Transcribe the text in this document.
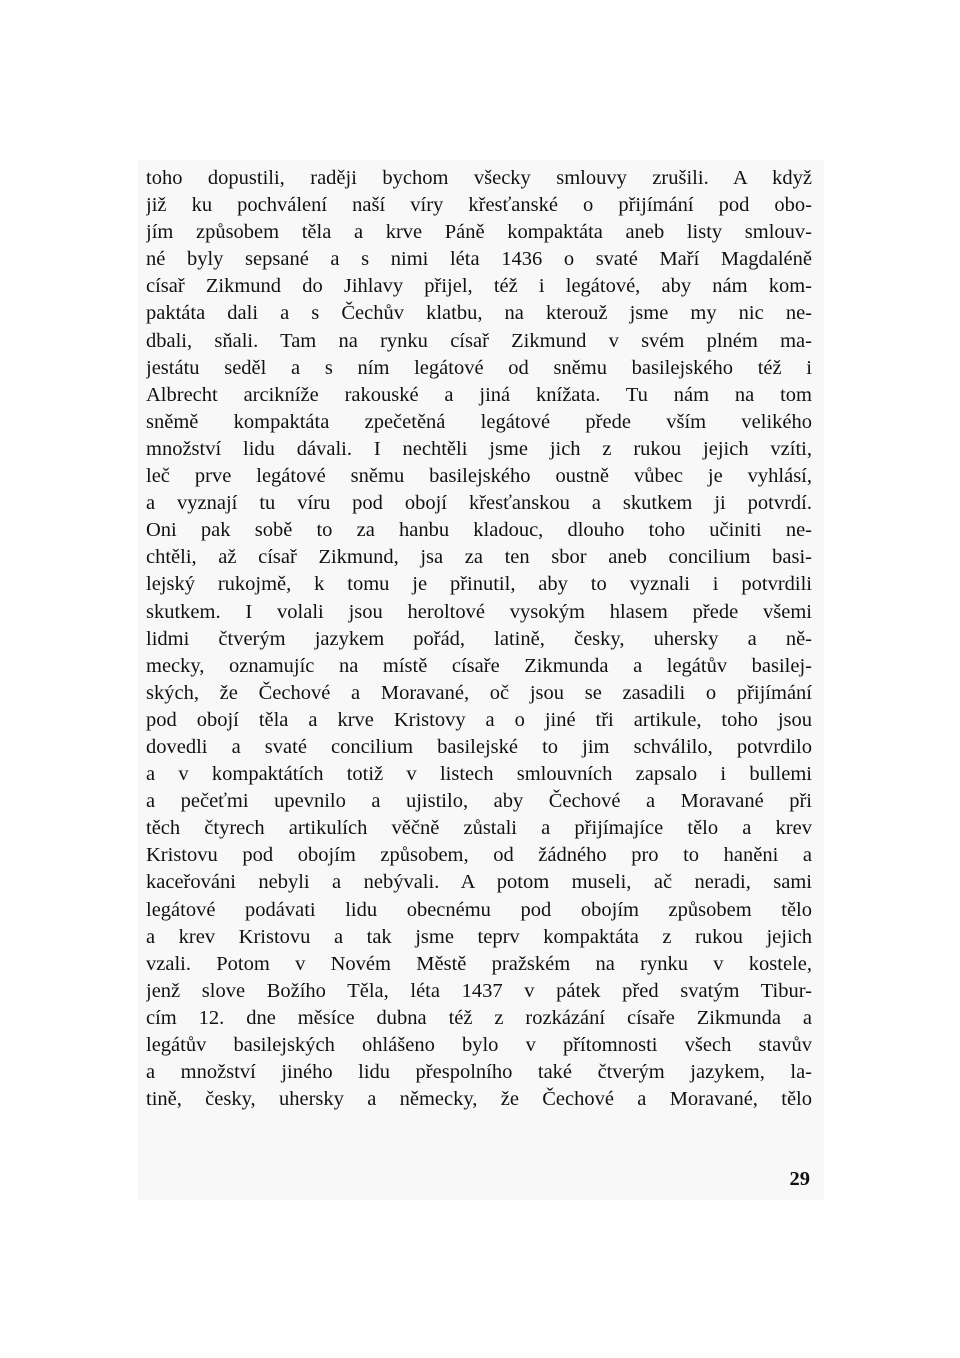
toho dopustili, raději bychom všecky smlouvy zrušili. A když
již ku pochválení naší víry křesťanské o přijímání pod obo-
jím způsobem těla a krve Páně kompaktáta aneb listy smlouv-
né byly sepsané a s nimi léta 1436 o svaté Maří Magdaléně
císař Zikmund do Jihlavy přijel, též i legátové, aby nám kom-
paktáta dali a s Čechův klatbu, na kterouž jsme my nic ne-
dbali, sňali. Tam na rynku císař Zikmund v svém plném ma-
jestátu seděl a s ním legátové od sněmu basilejského též i
Albrecht arcikníže rakouské a jiná knížata. Tu nám na tom
sněmě kompaktáta zpečetěná legátové přede vším velikého
množství lidu dávali. I nechtěli jsme jich z rukou jejich vzíti,
leč prve legátové sněmu basilejského oustně vůbec je vyhlásí,
a vyznají tu víru pod obojí křesťanskou a skutkem ji potvrdí.
Oni pak sobě to za hanbu kladouc, dlouho toho učiniti ne-
chtěli, až císař Zikmund, jsa za ten sbor aneb concilium basi-
lejský rukojmě, k tomu je přinutil, aby to vyznali i potvrdili
skutkem. I volali jsou heroltové vysokým hlasem přede všemi
lidmi čtverým jazykem pořád, latině, česky, uhersky a ně-
mecky, oznamujíc na místě císaře Zikmunda a legátův basilej-
ských, že Čechové a Moravané, oč jsou se zasadili o přijímání
pod obojí těla a krve Kristovy a o jiné tři artikule, toho jsou
dovedli a svaté concilium basilejské to jim schválilo, potvrdilo
a v kompaktátích totiž v listech smlouvních zapsalo i bullemi
a pečeťmi upevnilo a ujistilo, aby Čechové a Moravané při
těch čtyrech artikulích věčně zůstali a přijímajíce tělo a krev
Kristovu pod obojím způsobem, od žádného pro to haněni a
kaceřováni nebyli a nebývali. A potom museli, ač neradi, sami
legátové podávati lidu obecnému pod obojím způsobem tělo
a krev Kristovu a tak jsme teprv kompaktáta z rukou jejich
vzali. Potom v Novém Městě pražském na rynku v kostele,
jenž slove Božího Těla, léta 1437 v pátek před svatým Tibur-
cím 12. dne měsíce dubna též z rozkázání císaře Zikmunda a
legátův basilejských ohlášeno bylo v přítomnosti všech stavův
a množství jiného lidu přespolního také čtverým jazykem, la-
tině, česky, uhersky a německy, že Čechové a Moravané, tělo
29
